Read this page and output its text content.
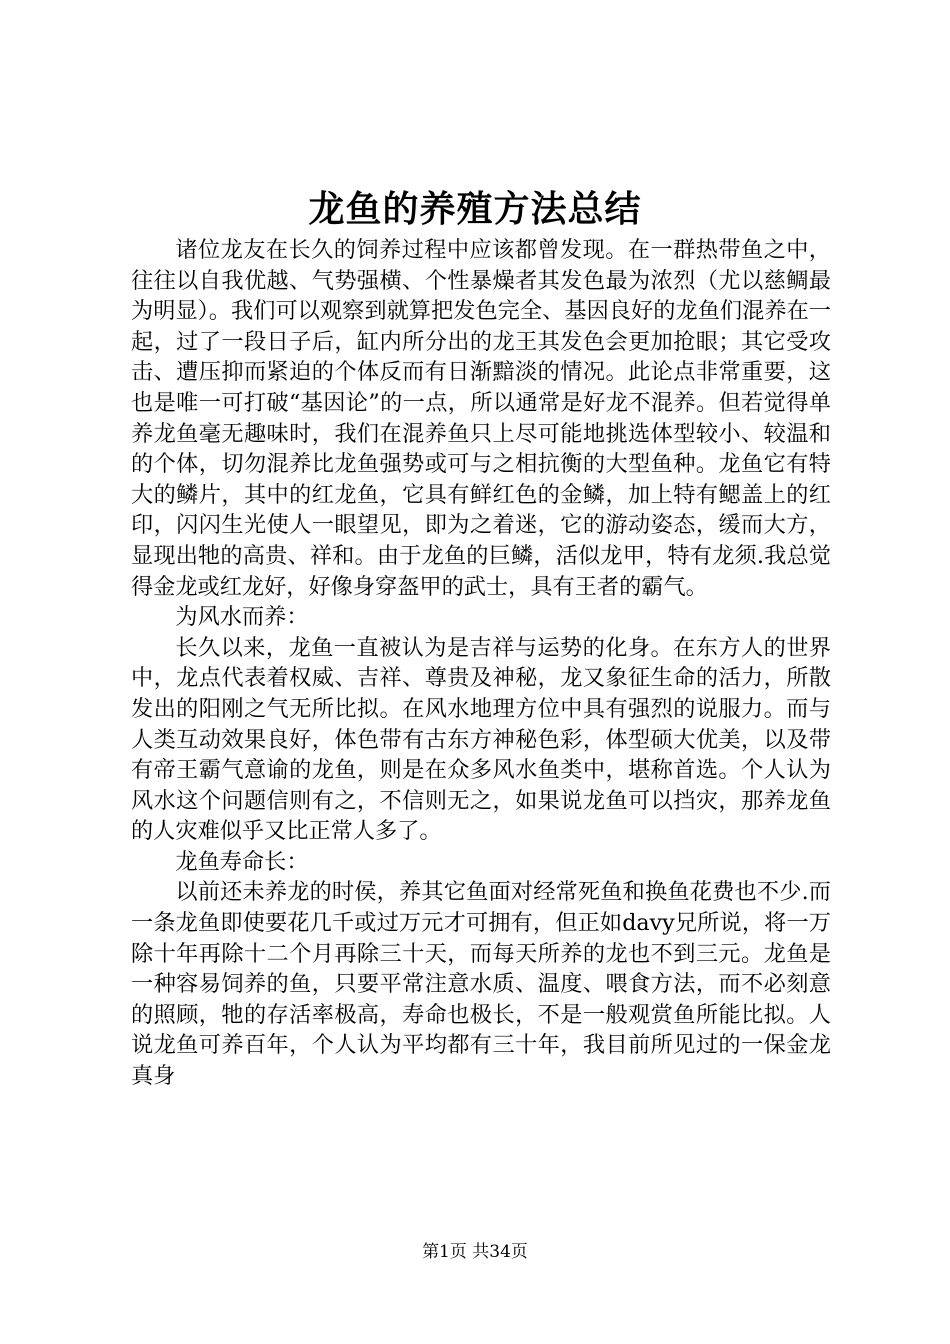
龙鱼的养殖方法总结

诸位龙友在长久的饲养过程中应该都曾发现。在一群热带鱼之中，往往以自我优越、气势强横、个性暴燥者其发色最为浓烈（尤以慈鲷最为明显）。我们可以观察到就算把发色完全、基因良好的龙鱼们混养在一起，过了一段日子后，缸内所分出的龙王其发色会更加抢眼；其它受攻击、遭压抑而紧迫的个体反而有日渐黯淡的情况。此论点非常重要，这也是唯一可打破“基因论”的一点，所以通常是好龙不混养。但若觉得单养龙鱼毫无趣味时，我们在混养鱼只上尽可能地挑选体型较小、较温和的个体，切勿混养比龙鱼强势或可与之相抗衡的大型鱼种。龙鱼它有特大的鳞片，其中的红龙鱼，它具有鲜红色的金鳞，加上特有鳃盖上的红印，闪闪生光使人一眼望见，即为之着迷，它的游动姿态，缓而大方，显现出牠的高贵、祥和。由于龙鱼的巨鳞，活似龙甲，特有龙须.我总觉得金龙或红龙好，好像身穿盔甲的武士，具有王者的霸气。

为风水而养：

长久以来，龙鱼一直被认为是吉祥与运势的化身。在东方人的世界中，龙点代表着权威、吉祥、尊贵及神秘，龙又象征生命的活力，所散发出的阳刚之气无所比拟。在风水地理方位中具有强烈的说服力。而与人类互动效果良好，体色带有古东方神秘色彩，体型硕大优美，以及带有帝王霸气意谕的龙鱼，则是在众多风水鱼类中，堪称首选。个人认为风水这个问题信则有之，不信则无之，如果说龙鱼可以挡灾，那养龙鱼的人灾难似乎又比正常人多了。

龙鱼寿命长：

以前还未养龙的时侯，养其它鱼面对经常死鱼和换鱼花费也不少.而一条龙鱼即使要花几千或过万元才可拥有，但正如davy兄所说，将一万除十年再除十二个月再除三十天，而每天所养的龙也不到三元。龙鱼是一种容易饲养的鱼，只要平常注意水质、温度、喂食方法，而不必刻意的照顾，牠的存活率极高，寿命也极长，不是一般观赏鱼所能比拟。人说龙鱼可养百年，个人认为平均都有三十年，我目前所见过的一保金龙真身

第1页 共34页
